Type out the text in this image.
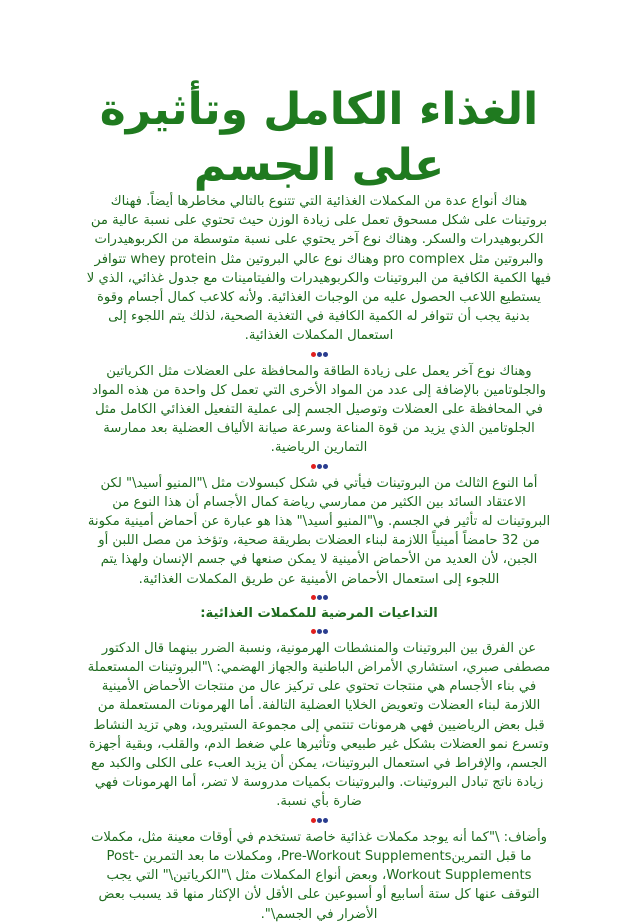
الغذاء الكامل وتأثيرة على الجسم

هناك أنواع عدة من المكملات الغذائية التي تتنوع بالتالي مخاطرها أيضاً. فهناك بروتينات على شكل مسحوق تعمل على زيادة الوزن حيث تحتوي على نسبة عالية من الكربوهيدرات والسكر. وهناك نوع آخر يحتوي على نسبة متوسطة من الكربوهيدرات والبروتين مثل pro complex وهناك نوع عالي البروتين مثل whey protein تتوافر فيها الكمية الكافية من البروتينات والكربوهيدرات والفيتامينات مع جدول غذائي، الذي لا يستطيع اللاعب الحصول عليه من الوجبات الغذائية. ولأنه كلاعب كمال أجسام وقوة بدنية يجب أن تتوافر له الكمية الكافية في التغذية الصحية، لذلك يتم اللجوء إلى استعمال المكملات الغذائية.

وهناك نوع آخر يعمل على زيادة الطاقة والمحافظة على العضلات مثل الكرياتين والجلوتامين بالإضافة إلى عدد من المواد الأخرى التي تعمل كل واحدة من هذه المواد في المحافظة على العضلات وتوصيل الجسم إلى عملية التفعيل الغذائي الكامل مثل الجلوتامين الذي يزيد من قوة المناعة وسرعة صيانة الألياف العضلية بعد ممارسة التمارين الرياضية.

أما النوع الثالث من البروتينات فيأتي في شكل كبسولات مثل \"المنيو أسيد\" لكن الاعتقاد السائد بين الكثير من ممارسي رياضة كمال الأجسام أن هذا النوع من البروتينات له تأثير في الجسم. و\"المنيو أسيد\" هذا هو عبارة عن أحماض أمينية مكونة من 32 حامضاً أمينياً اللازمة لبناء العضلات بطريقة صحية، وتؤخذ من مصل اللبن أو الجبن، لأن العديد من الأحماض الأمينية لا يمكن صنعها في جسم الإنسان ولهذا يتم اللجوء إلى استعمال الأحماض الأمينية عن طريق المكملات الغذائية.

التداعيات المرضية للمكملات الغذائية:

عن الفرق بين البروتينات والمنشطات الهرمونية، ونسبة الضرر بينهما قال الدكتور مصطفى صبري، استشاري الأمراض الباطنية والجهاز الهضمي: \"البروتينات المستعملة في بناء الأجسام هي منتجات تحتوي على تركيز عال من منتجات الأحماض الأمينية اللازمة لبناء العضلات وتعويض الخلايا العضلية التالفة. أما الهرمونات المستعملة من قبل بعض الرياضيين فهي هرمونات تنتمي إلى مجموعة الستيرويد، وهي تزيد النشاط وتسرع نمو العضلات بشكل غير طبيعي وتأثيرها علي ضغط الدم، والقلب، وبقية أجهزة الجسم، والإفراط في استعمال البروتينات، يمكن أن يزيد العبء على الكلى والكبد مع زيادة ناتج تبادل البروتينات. والبروتينات بكميات مدروسة لا تضر، أما الهرمونات فهي ضارة بأي نسبة.

وأضاف: \"كما أنه يوجد مكملات غذائية خاصة تستخدم في أوقات معينة مثل، مكملات ما قبل التمرينPre-Workout Supplements، ومكملات ما بعد التمرين Post-Workout Supplements، وبعض أنواع المكملات مثل \"الكرياتين\" التي يجب التوقف عنها كل ستة أسابيع أو أسبوعين على الأقل لأن الإكثار منها قد يسبب بعض الأضرار في الجسم\".
